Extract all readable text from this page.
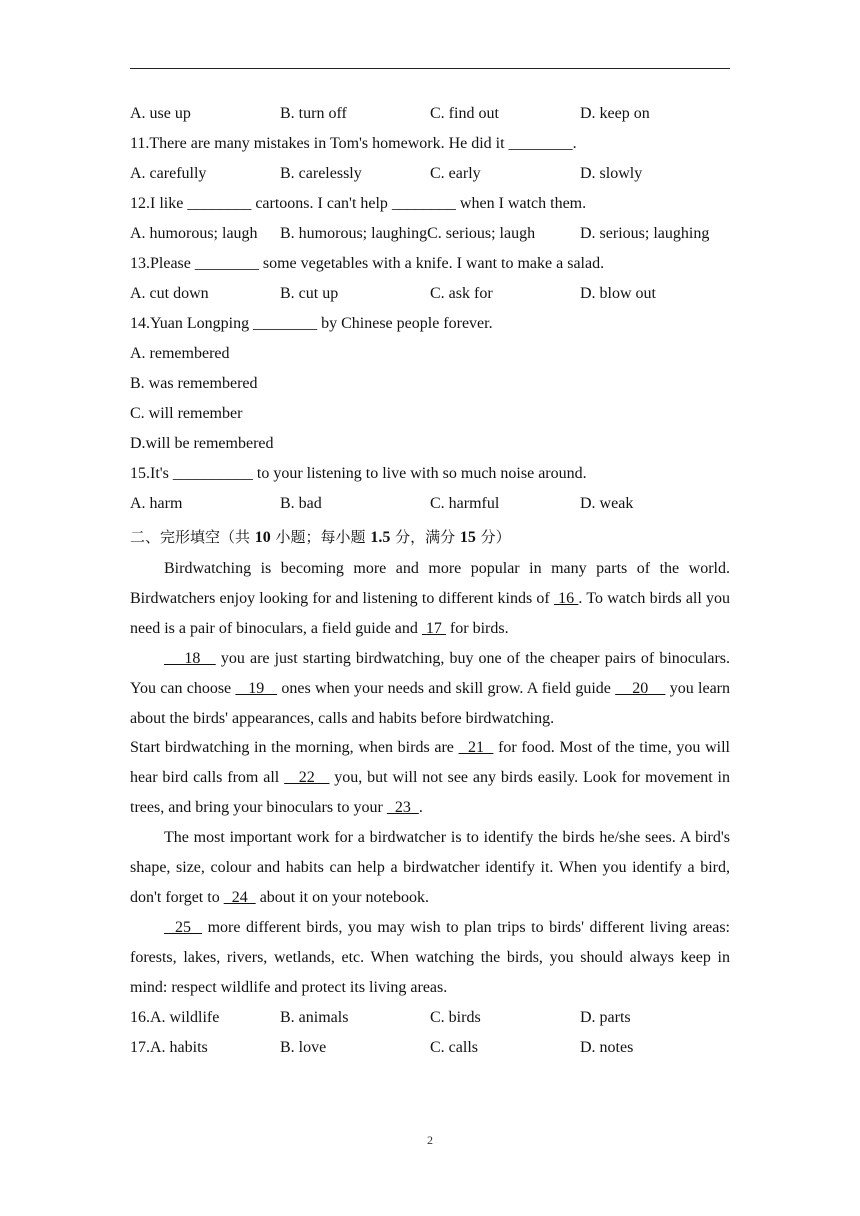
A. use up	B. turn off	C. find out	D. keep on
11.There are many mistakes in Tom's homework. He did it ________.
A. carefully	B. carelessly	C. early	D. slowly
12.I like ________ cartoons. I can't help ________ when I watch them.
A. humorous; laugh B. humorous; laughingC. serious; laugh	D. serious; laughing
13.Please ________ some vegetables with a knife. I want to make a salad.
A. cut down	B. cut up	C. ask for	D. blow out
14.Yuan Longping ________ by Chinese people forever.
A. remembered
B. was remembered
C. will remember
D.will be remembered
15.It's __________ to your listening to live with so much noise around.
A. harm	B. bad	C. harmful	D. weak
二、完形填空（共 10 小题；每小题 1.5 分，满分 15 分）

Birdwatching is becoming more and more popular in many parts of the world. Birdwatchers enjoy looking for and listening to different kinds of  16 . To watch birds all you need is a pair of binoculars, a field guide and  17  for birds.

18    you are just starting birdwatching, buy one of the cheaper pairs of binoculars. You can choose    19    ones when your needs and skill grow. A field guide     20     you learn about the birds' appearances, calls and habits before birdwatching.

Start birdwatching in the morning, when birds are   21   for food. Most of the time, you will hear bird calls from all    22    you, but will not see any birds easily. Look for movement in trees, and bring your binoculars to your   23  .

The most important work for a birdwatcher is to identify the birds he/she sees. A bird's shape, size, colour and habits can help a birdwatcher identify it. When you identify a bird, don't forget to   24   about it on your notebook.

25   more different birds, you may wish to plan trips to birds' different living areas: forests, lakes, rivers, wetlands, etc. When watching the birds, you should always keep in mind: respect wildlife and protect its living areas.

16.A. wildlife	B. animals	C. birds	D. parts
17.A. habits	B. love	C. calls	D. notes
2
